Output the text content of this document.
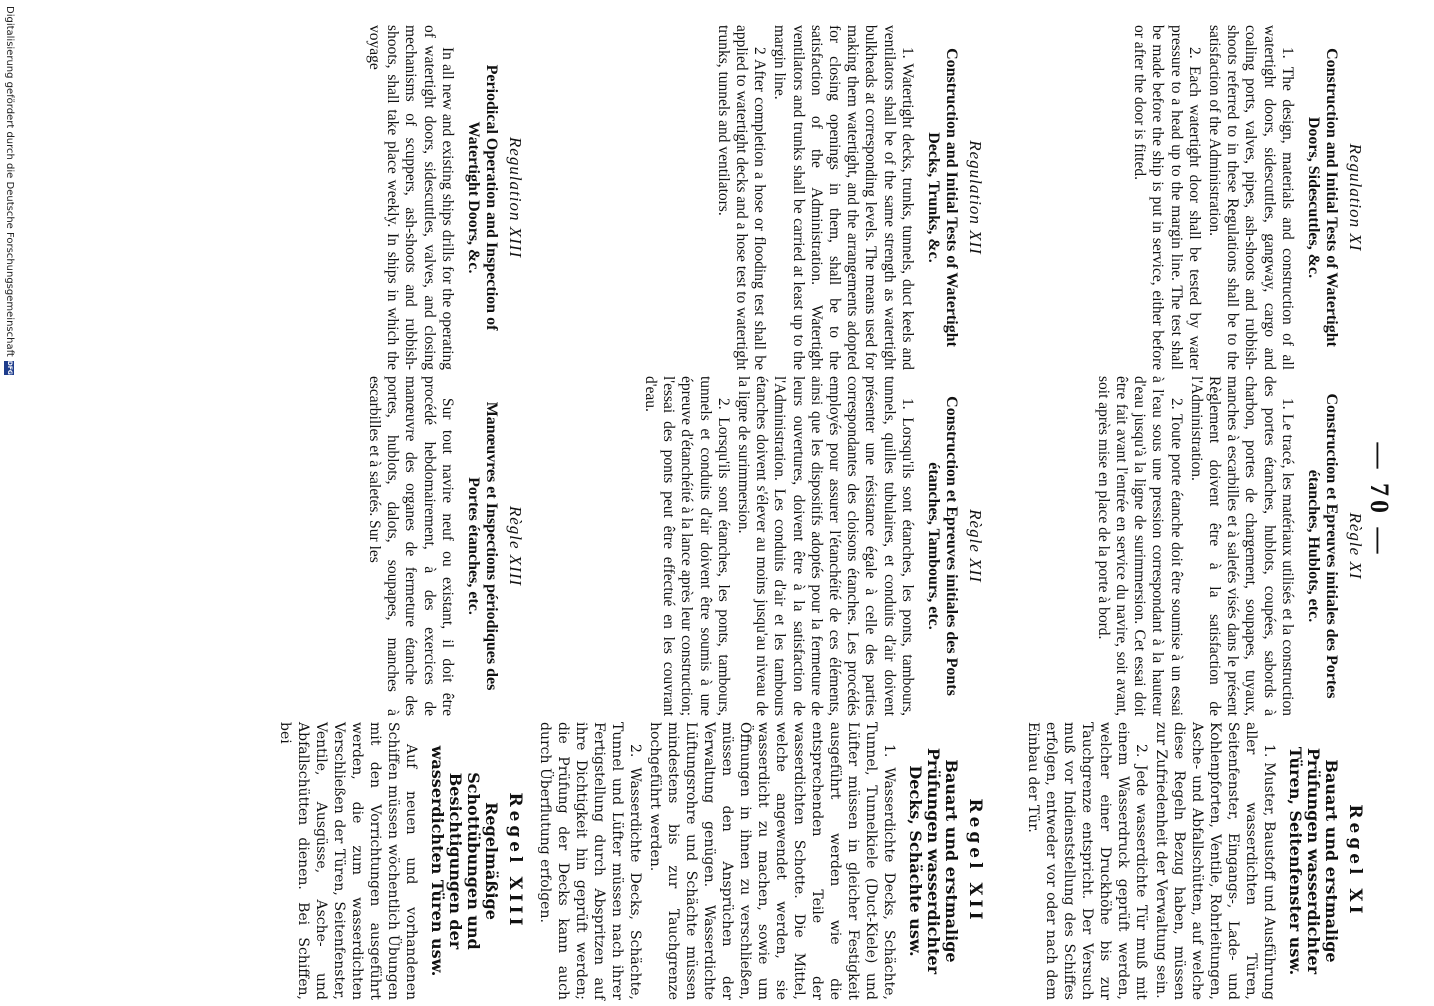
— 70 —
Regulation XI
Construction and Initial Tests of Watertight Doors, Sidescuttles, &c.

1. The design, materials and construction of all watertight doors, sidescuttles, gangway, cargo and coaling ports, valves, pipes, ash-shoots and rubbish-shoots referred to in these Regulations shall be to the satisfaction of the Administration.

2. Each watertight door shall be tested by water pressure to a head up to the margin line. The test shall be made before the ship is put in service, either before or after the door is fitted.

Regulation XII
Construction and Initial Tests of Watertight Decks, Trunks, &c.

1. Watertight decks, trunks, tunnels, duct keels and ventilators shall be of the same strength as watertight bulkheads at corresponding levels. The means used for making them watertight, and the arrangements adopted for closing openings in them, shall be to the satisfaction of the Administration. Watertight ventilators and trunks shall be carried at least up to the margin line.

2 After completion a hose or flooding test shall be applied to watertight decks and a hose test to watertight trunks, tunnels and ventilators.

Regulation XIII
Periodical Operation and Inspection of Watertight Doors, &c.

In all new and existing ships drills for the operating of watertight doors, sidescuttles, valves, and closing mechanisms of scuppers, ash-shoots and rubbish-shoots, shall take place weekly. In ships in which the voyage

Règle XI
Construction et Epreuves initiales des Portes étanches, Hublots, etc.

1. Le tracé, les matériaux utilisés et la construction des portes étanches, hublots, coupées, sabords à charbon, portes de chargement, soupapes, tuyaux, manches à escarbilles et à saletés visés dans le présent Règlement doivent être à la satisfaction de l'Administration.

2. Toute porte étanche doit être soumise à un essai à l'eau sous une pression correspondant à la hauteur d'eau jusqu'à la ligne de surimmersion. Cet essai doit être fait avant l'entrée en service du navire, soit avant, soit après mise en place de la porte à bord.

Règle XII
Construction et Epreuves initiales des Ponts étanches, Tambours, etc.

1. Lorsqu'ils sont étanches, les ponts, tambours, tunnels, quilles tubulaires, et conduits d'air doivent présenter une résistance égale à celle des parties correspondantes des cloisons étanches. Les procédés employés pour assurer l'étanchéité de ces éléments, ainsi que les dispositifs adoptés pour la fermeture de leurs ouvertures, doivent être à la satisfaction de l'Administration. Les conduits d'air et les tambours étanches doivent s'élever au moins jusqu'au niveau de la ligne de surimmersion.

2. Lorsqu'ils sont étanches, les ponts, tambours, tunnels et conduits d'air doivent être soumis à une épreuve d'étanchéité à la lance après leur construction; l'essai des ponts peut être effectué en les couvrant d'eau.

Règle XIII
Manœuvres et Inspections périodiques des Portes étanches, etc.

Sur tout navire neuf ou existant, il doit être procédé hebdomairement, à des exercices de manœuvre des organes de fermeture étanche des portes, hublots, dalots, soupapes, manches à escarbilles et à saletés. Sur les

Regel XI
Bauart und erstmalige Prüfungen wasserdichter Türen, Seitenfenster usw.

1. Muster, Baustoff und Ausführung aller wasserdichten Türen, Seitenfenster, Eingangs-, Lade- und Kohlenpforten, Ventile, Rohrleitungen, Asche- und Abfallschütten, auf welche diese Regeln Bezug haben, müssen zur Zufriedenheit der Verwaltung sein.

2. Jede wasserdichte Tür muß mit einem Wasserdruck geprüft werden, welcher einer Druckhöhe bis zur Tauchgrenze entspricht. Der Versuch muß vor Indienststellung des Schiffes erfolgen, entweder vor oder nach dem Einbau der Tür.

Regel XII
Bauart und erstmalige Prüfungen wasserdichter Decks, Schächte usw.

1. Wasserdichte Decks, Schächte, Tunnel, Tunnelkiele (Duct-Kiele) und Lüfter müssen in gleicher Festigkeit ausgeführt werden wie die entsprechenden Teile der wasserdichten Schotte. Die Mittel, welche angewendet werden, sie wasserdicht zu machen, sowie um Öffnungen in ihnen zu verschließen, müssen den Ansprüchen der Verwaltung genügen. Wasserdichte Lüftungsrohre und Schächte müssen mindestens bis zur Tauchgrenze hochgeführt werden.

2. Wasserdichte Decks, Schächte, Tunnel und Lüfter müssen nach ihrer Fertigstellung durch Abspritzen auf ihre Dichtigkeit hin geprüft werden; die Prüfung der Decks kann auch durch Überflutung erfolgen.

Regel XIII
Regelmäßige Schottübungen und Besichtigungen der wasserdichten Türen usw.

Auf neuen und vorhandenen Schiffen müssen wöchentlich Übungen mit den Vorrichtungen ausgeführt werden, die zum wasserdichten Verschließen der Türen, Seitenfenster, Ventile, Ausgüsse, Asche- und Abfallschütten dienen. Bei Schiffen, bei

Digitalisierung gefördert durch die Deutsche Forschungsgemeinschaft
DFG
